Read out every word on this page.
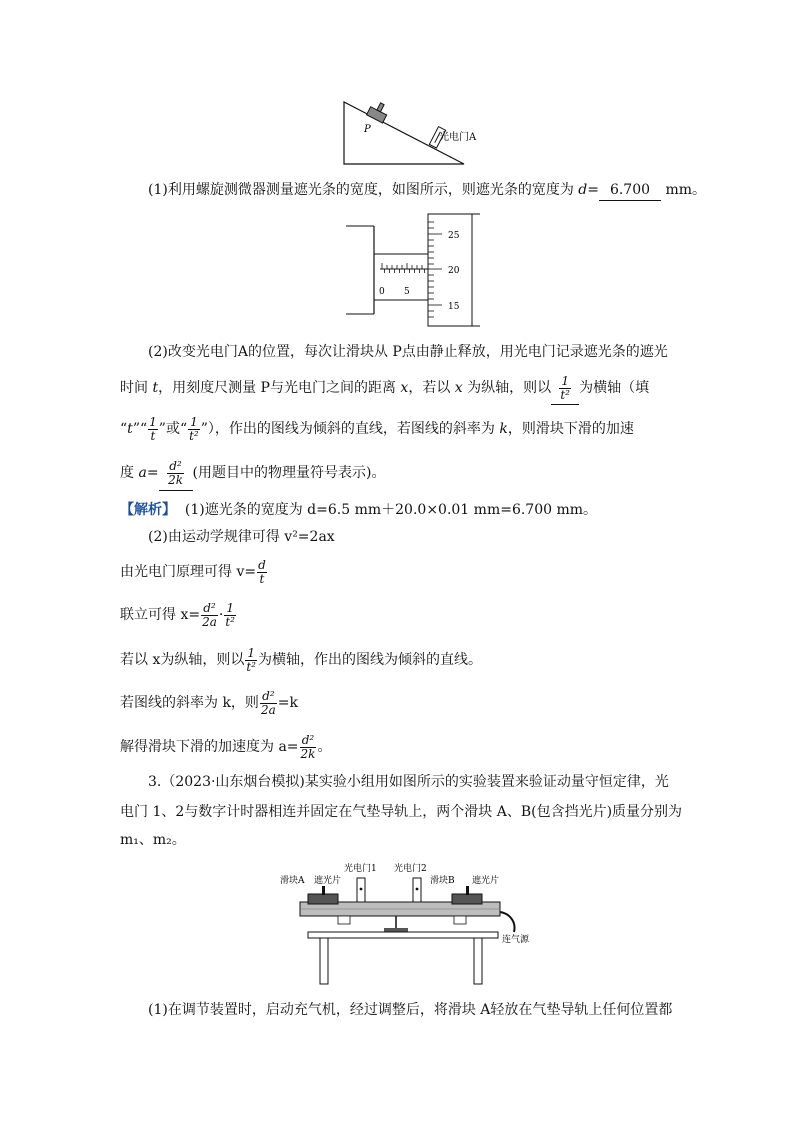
P
光电门A
(1)利用螺旋测微器测量遮光条的宽度，如图所示，则遮光条的宽度为 d= 6.700 mm。
0 5
25
20
15
(2)改变光电门A的位置，每次让滑块从 P点由静止释放，用光电门记录遮光条的遮光
时间 t，用刻度尺测量 P与光电门之间的距离 x，若以 x 为纵轴，则以 $\frac{1}{\text{t²}}$ 为横轴（填
“t”“ $\frac{1}{t}$ ”或“ $\frac{1}{\text{t²}}$ ”），作出的图线为倾斜的直线，若图线的斜率为 k，则滑块下滑的加速
度 $a= \frac{\text{d²}}{2k}$ (用题目中的物理量符号表示)。
【解析】 (1)遮光条的宽度为 d=6.5 mm＋20.0×0.01 mm=6.700 mm。
(2)由运动学规律可得 v²=2ax
由光电门原理可得 $v= \frac{d}{t}$
联立可得 $x= \frac{\text{d²}}{2a} \cdot \frac{1}{\text{t²}}$
若以 x为纵轴，则以 $\frac{1}{\text{t²}}$ 为横轴，作出的图线为倾斜的直线。
若图线的斜率为 k，则 $\frac{\text{d²}}{2a} =k$
解得滑块下滑的加速度为 $a= \frac{\text{d²}}{2k}$ 。
3.（2023·山东烟台模拟)某实验小组用如图所示的实验装置来验证动量守恒定律，光
电门 1、2与数字计时器相连并固定在气垫导轨上，两个滑块 A、B(包含挡光片)质量分别为
m₁、m₂。
滑块A 遮光片
光电门1 光电门2
滑块B 遮光片
连气源
(1)在调节装置时，启动充气机，经过调整后，将滑块 A轻放在气垫导轨上任何位置都
